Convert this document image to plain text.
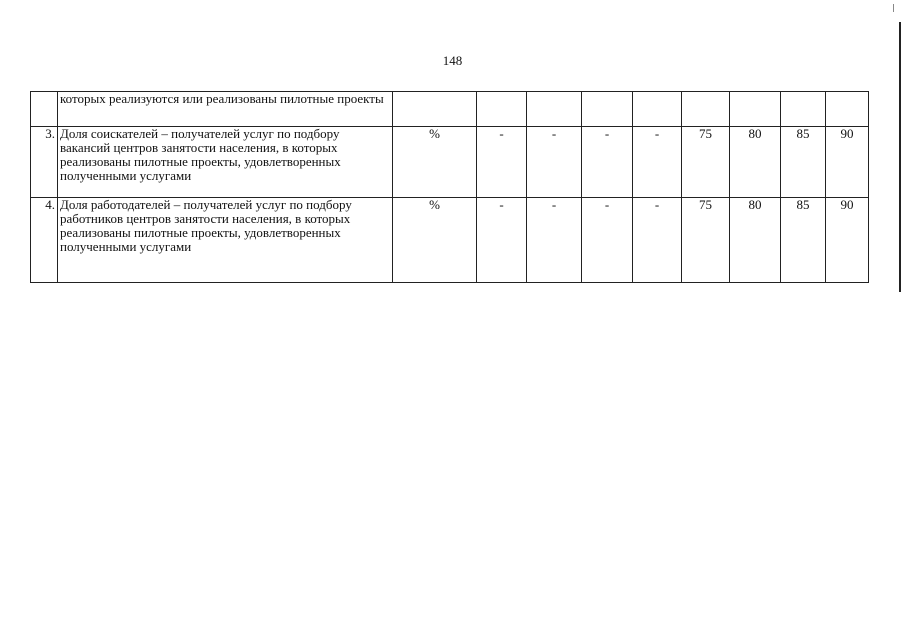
148
	которых реализуются или реализованы пилотные проекты									
3.	Доля соискателей – получателей услуг по подбору вакансий центров занятости населения, в которых реализованы пилотные проекты, удовлетворенных полученными услугами	%	-	-	-	-	75	80	85	90
4.	Доля работодателей – получателей услуг по подбору работников центров занятости населения, в которых реализованы пилотные проекты, удовлетворенных полученными услугами	%	-	-	-	-	75	80	85	90
